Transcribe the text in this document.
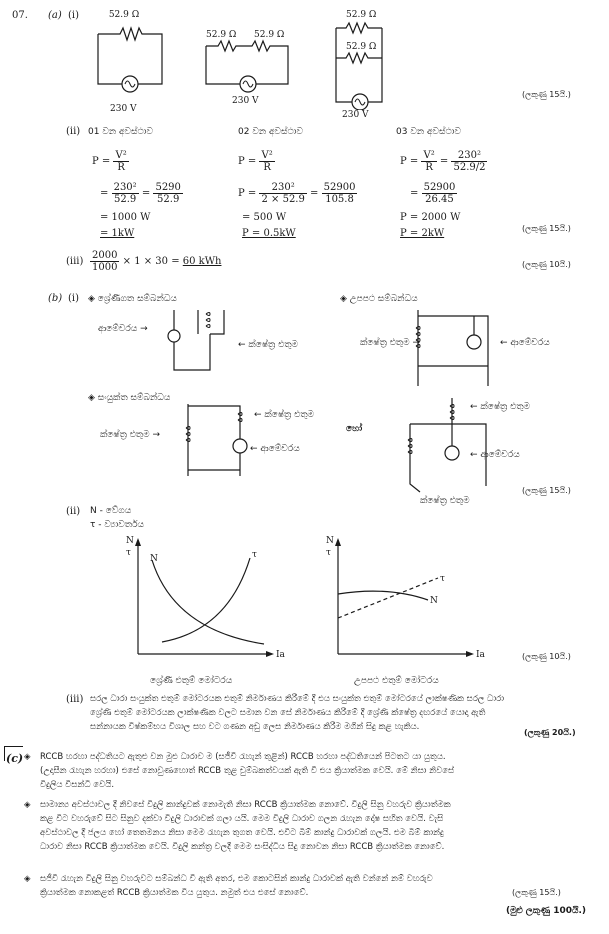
07. (a) (i)	52.9 Ω
230 V
52.9 Ω 52.9 Ω
230 V
52.9 Ω
52.9 Ω
230 V
(ලකුණු 15යි.)
(ii) 01 වන අවස්ථාව
$P = \frac{\text{V²}}{R}$
= $\frac{\text{230²}}{52.9} = \frac{5290}{52.9}$
= 1000 W
= 1kW
02 වන අවස්ථාව
$P = \frac{\text{V²}}{R}$
$P = \frac{\text{230²}}{2 \times 52.9} = \frac{52900}{105.8}$
= 500 W
P = 0.5kW
03 වන අවස්ථාව
$P = \frac{\text{V²}}{R} = \frac{\text{230²}}{52.9/2}$
= $\frac{52900}{26.45}$
P = 2000 W
P = 2kW	(ලකුණු 15යි.)
$(iii) \frac{2000}{1000} \times 1 \times 30 = 60$ kWh	(ලකුණු 10යි.)
(b) (i) ◈ ශ්‍රේණිගත සම්බන්ධය	◈ උපපථ සම්බන්ධය
ආමේචරය →
← ක්ෂේත්‍ර එතුම	ක්ෂේත්‍ර එතුම →	← ආමේචරය
◈ සංයුක්ත සම්බන්ධය
← ක්ෂේත්‍ර එතුම
ක්ෂේත්‍ර එතුම →
← ආමේචරය
හෝ
← ක්ෂේත්‍ර එතුම
← ආමේචරය
ක්ෂේත්‍ර එතුම
(ලකුණු 15යි.)
(ii) N - වේගය
τ - ව්‍යාවර්තය
N
τ
N	τ
Ia
ශ්‍රේණි එතුම් මෝටරය
N
τ
τ
N
Ia
උපපථ එතුම් මෝටරය
(ලකුණු 10යි.)
(iii) සරල ධාරා සංයුක්ත එතුම් මෝටරයක එතුම් නිර්මාණය කිරීමේ දී එය සංයුක්ත එතුම් මෝටරයේ ලාක්ෂණික සරල ධාරා
ශ්‍රේණි එතුම් මෝටරයක ලාක්ෂණික වලට සමාන වන සේ නිර්මාණය කිරීමේ දී ශ්‍රේණි ක්ෂේත්‍ර දඟරයේ යොදා ඇති
සන්නායක විෂ්කම්භය විශාල සහ වට ගණන අඩු ලෙස නිර්මාණය කිරීම මගින් සිදු කළ හැකිය.
(ලකුණු 20යි.)
(c) ◈	RCCB හරහා පද්ධතියට ඇතුළු වන මුළු ධාරාව ම (සජීවී රැහැන් තුළින්) RCCB හරහා පද්ධතියෙන් පිටතට යා යුතුය.
(උදාසීන රැහැන හරහා) එසේ නොවුණහොත් RCCB තුළ චුම්බකත්වයක් ඇති වී එය ක්‍රියාත්මක වෙයි. මේ නිසා නිවසේ
විදුලිය විසන්ධි වෙයි.
◈	සාමාන්‍ය අවස්ථාවල දී නිවසේ විදුලි කාන්දුවක් නොමැති නිසා RCCB ක්‍රියාත්මක නොවේ. විදුලි සිනු වහරුව ක්‍රියාත්මක
කළ විට වහරුවේ සිට සිනුව දක්වා විදුලි ධාරාවක් ගලා යයි. මෙම විදුලි ධාරාව ගලන රැහැන දෝෂ සහිත වෙයි. වැසි
අවස්ථාවල දී ජලය හෝ තෙතමනය නිසා මෙම රැහැන තුගත වෙයි. එවිට බිම් කාන්දු ධාරාවක් ගලයි. එම බිම් කාන්දු
ධාරාව නිසා RCCB ක්‍රියාත්මක වෙයි. විදුලි කන්ත්‍ර වලදී මෙම සංසිද්ධිය සිදු නොවන නිසා RCCB ක්‍රියාත්මක නොවේ.
◈	සජීවී රැහැන විදුලි සිනු වහරුවට සම්බන්ධ වී ඇති අතර, එම කොටසින් කාන්දු ධාරාවක් ඇති වන්නේ නම් වහරුව
ක්‍රියාත්මක නොකළත් RCCB ක්‍රියාත්මක විය යුතුය. නමුත් එය එසේ නොවේ.	(ලකුණු 15යි.)
(මුළු ලකුණු 100යි.)
